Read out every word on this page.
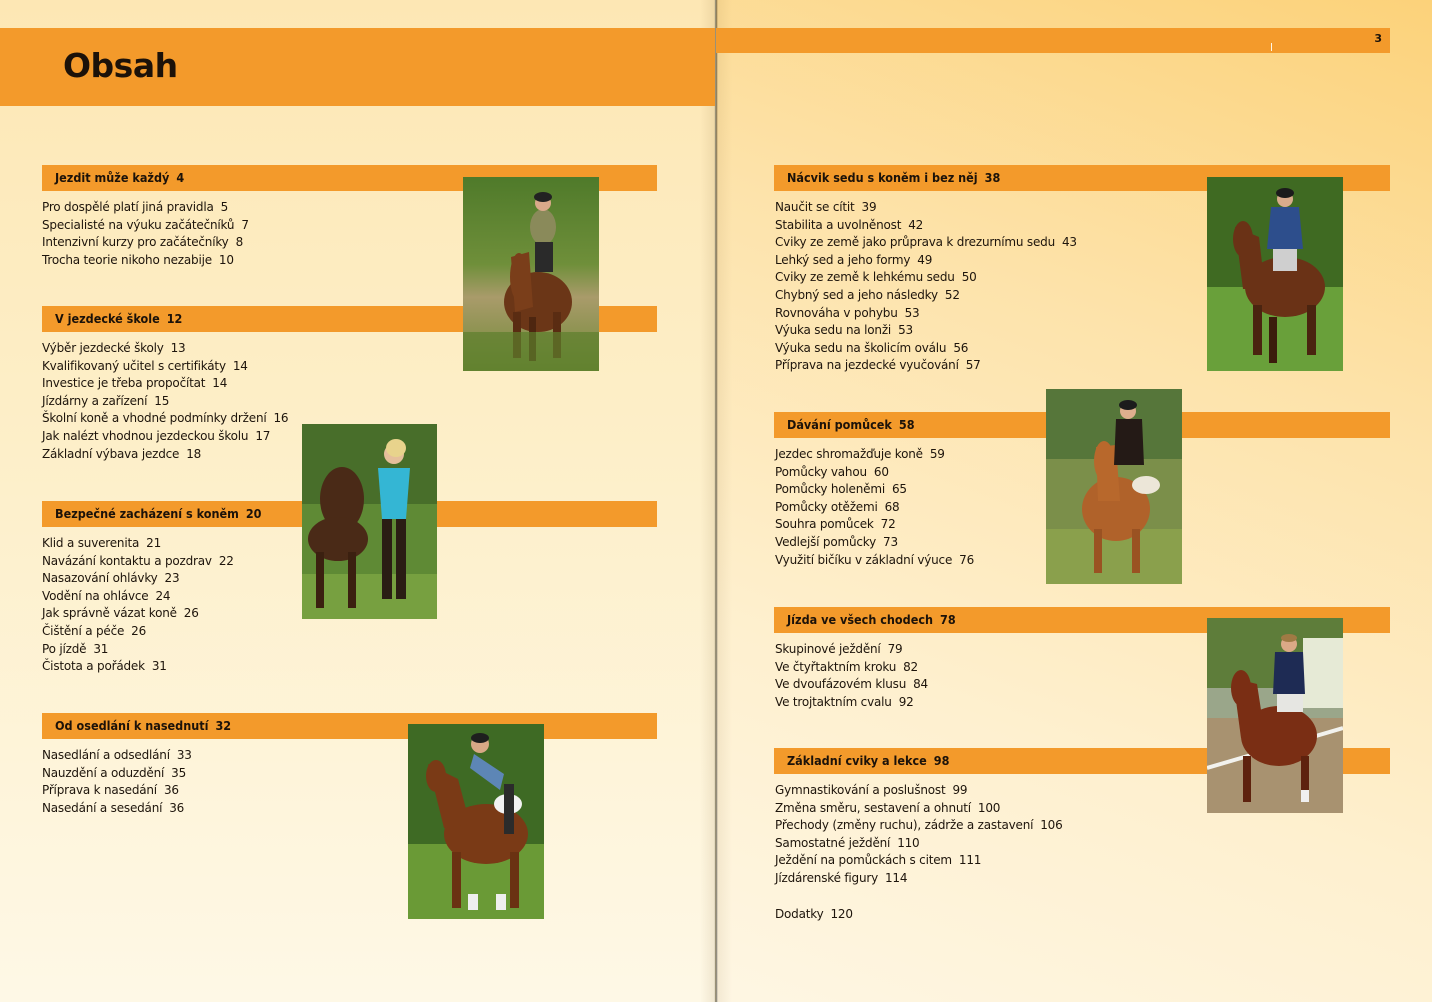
Obsah
3
Jezdit může každý 4
Pro dospělé platí jiná pravidla 5
Specialisté na výuku začátečníků 7
Intenzivní kurzy pro začátečníky 8
Trocha teorie nikoho nezabije 10
V jezdecké škole 12
Výběr jezdecké školy 13
Kvalifikovaný učitel s certifikáty 14
Investice je třeba propočítat 14
Jízdárny a zařízení 15
Školní koně a vhodné podmínky držení 16
Jak nalézt vhodnou jezdeckou školu 17
Základní výbava jezdce 18
Bezpečné zacházení s koněm 20
Klid a suverenita 21
Navázání kontaktu a pozdrav 22
Nasazování ohlávky 23
Vodění na ohlávce 24
Jak správně vázat koně 26
Čištění a péče 26
Po jízdě 31
Čistota a pořádek 31
Od osedlání k nasednutí 32
Nasedlání a odsedlání 33
Nauzdění a oduzdění 35
Příprava k nasedání 36
Nasedání a sesedání 36
Nácvik sedu s koněm i bez něj 38
Naučit se cítit 39
Stabilita a uvolněnost 42
Cviky ze země jako průprava k drezurnímu sedu 43
Lehký sed a jeho formy 49
Cviky ze země k lehkému sedu 50
Chybný sed a jeho následky 52
Rovnováha v pohybu 53
Výuka sedu na lonži 53
Výuka sedu na školicím oválu 56
Příprava na jezdecké vyučování 57
Dávání pomůcek 58
Jezdec shromažďuje koně 59
Pomůcky vahou 60
Pomůcky holeněmi 65
Pomůcky otěžemi 68
Souhra pomůcek 72
Vedlejší pomůcky 73
Využití bičíku v základní výuce 76
Jízda ve všech chodech 78
Skupinové ježdění 79
Ve čtyřtaktním kroku 82
Ve dvoufázovém klusu 84
Ve trojtaktním cvalu 92
Základní cviky a lekce 98
Gymnastikování a poslušnost 99
Změna směru, sestavení a ohnutí 100
Přechody (změny ruchu), zádrže a zastavení 106
Samostatné ježdění 110
Ježdění na pomůckách s citem 111
Jízdárenské figury 114
Dodatky 120
